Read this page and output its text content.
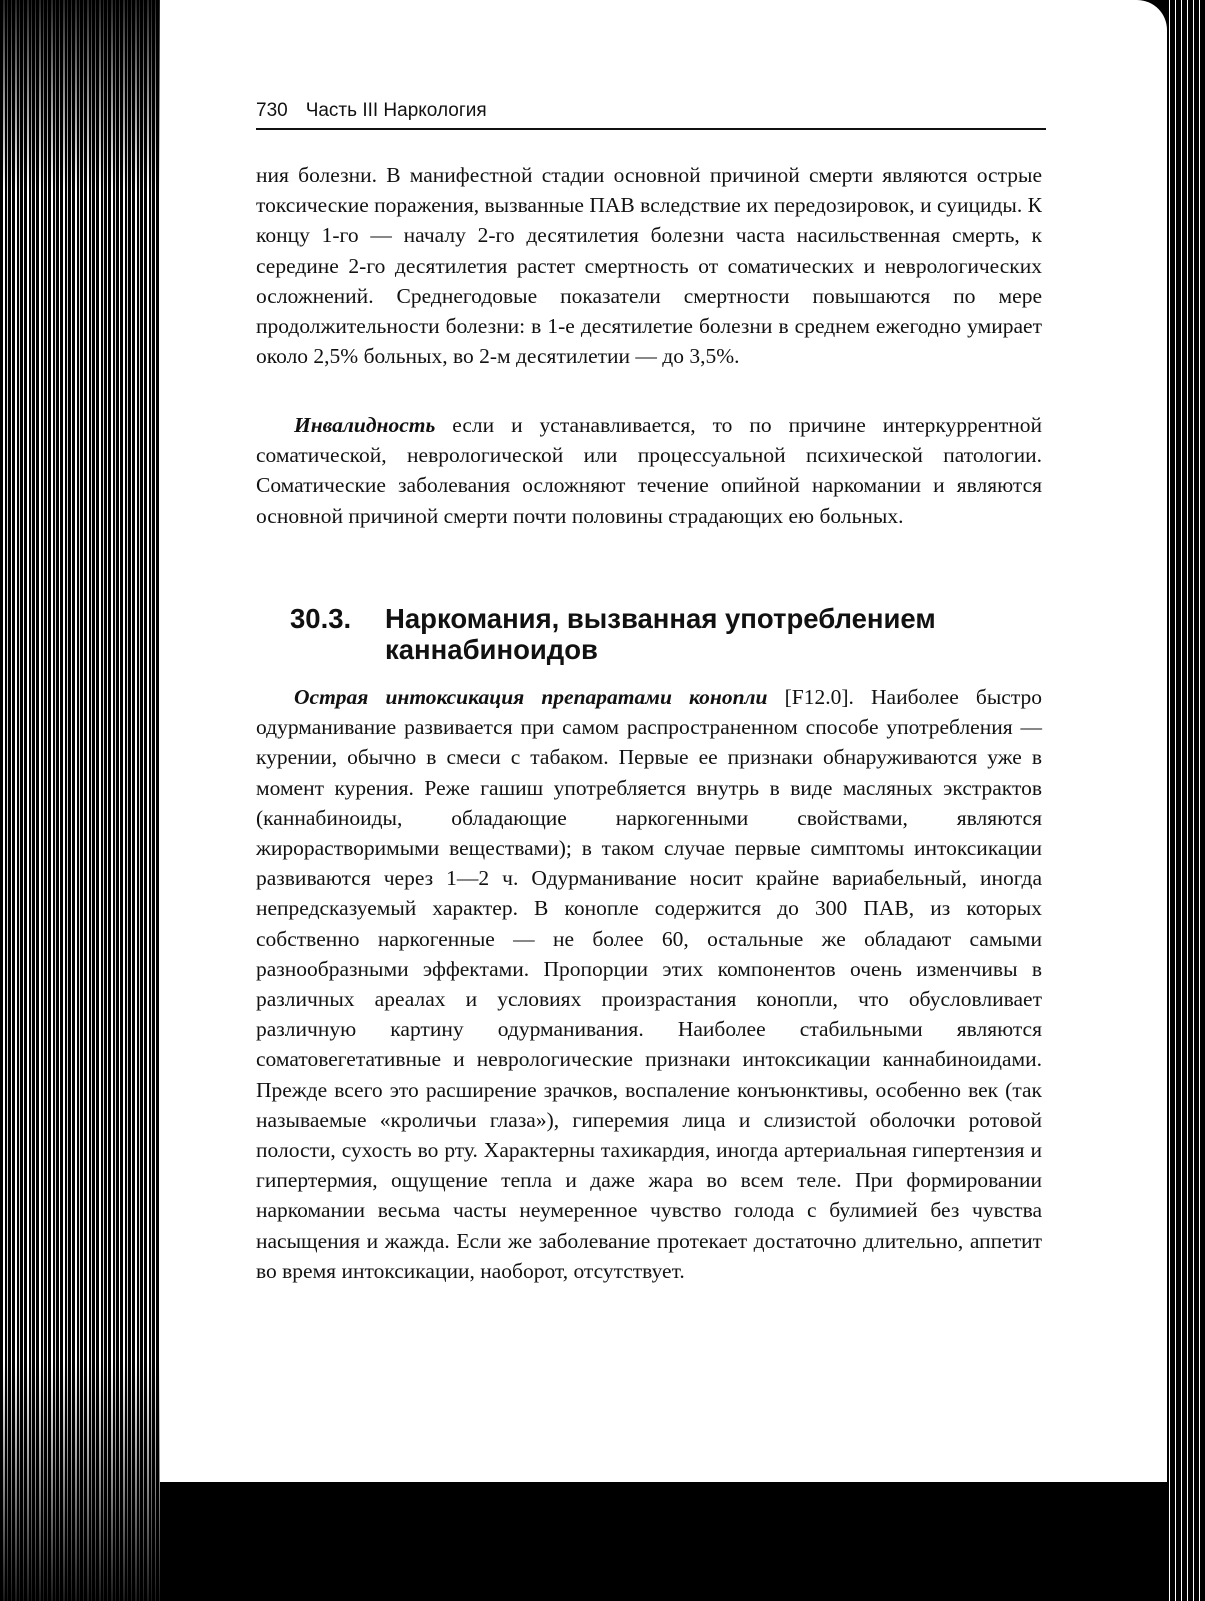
730 Часть III Наркология

ния болезни. В манифестной стадии основной причиной смерти являются острые токсические поражения, вызванные ПАВ вследствие их передозировок, и суициды. К концу 1-го — началу 2-го десятилетия болезни часта насильственная смерть, к середине 2-го десятилетия растет смертность от соматических и неврологических осложнений. Среднегодовые показатели смертности повышаются по мере продолжительности болезни: в 1-е десятилетие болезни в среднем ежегодно умирает около 2,5% больных, во 2-м десятилетии — до 3,5%.

Инвалидность если и устанавливается, то по причине интеркуррентной соматической, неврологической или процессуальной психической патологии. Соматические заболевания осложняют течение опийной наркомании и являются основной причиной смерти почти половины страдающих ею больных.

30.3. Наркомания, вызванная употреблением
каннабиноидов

Острая интоксикация препаратами конопли [F12.0]. Наиболее быстро одурманивание развивается при самом распространенном способе употребления — курении, обычно в смеси с табаком. Первые ее признаки обнаруживаются уже в момент курения. Реже гашиш употребляется внутрь в виде масляных экстрактов (каннабиноиды, обладающие наркогенными свойствами, являются жирорастворимыми веществами); в таком случае первые симптомы интоксикации развиваются через 1—2 ч. Одурманивание носит крайне вариабельный, иногда непредсказуемый характер. В конопле содержится до 300 ПАВ, из которых собственно наркогенные — не более 60, остальные же обладают самыми разнообразными эффектами. Пропорции этих компонентов очень изменчивы в различных ареалах и условиях произрастания конопли, что обусловливает различную картину одурманивания. Наиболее стабильными являются соматовегетативные и неврологические признаки интоксикации каннабиноидами. Прежде всего это расширение зрачков, воспаление конъюнктивы, особенно век (так называемые «кроличьи глаза»), гиперемия лица и слизистой оболочки ротовой полости, сухость во рту. Характерны тахикардия, иногда артериальная гипертензия и гипертермия, ощущение тепла и даже жара во всем теле. При формировании наркомании весьма часты неумеренное чувство голода с булимией без чувства насыщения и жажда. Если же заболевание протекает достаточно длительно, аппетит во время интоксикации, наоборот, отсутствует.
